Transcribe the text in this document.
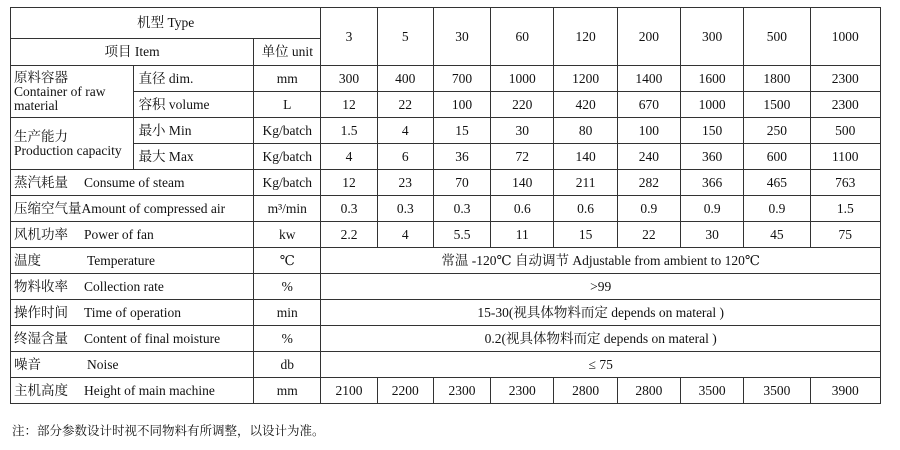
机型 Type			3	5	30	60	120	200	300	500	1000
项目 Item		单位 unit									

原料容器
Container of raw
material	直径 dim.	mm	300	400	700	1000	1200	1400	1600	1800	2300
	容积 volume	L	12	22	100	220	420	670	1000	1500	2300

生产能力
Production capacity	最小 Min	Kg/batch	1.5	4	15	30	80	100	150	250	500
	最大 Max	Kg/batch	4	6	36	72	140	240	360	600	1100
蒸汽耗量 Consume of steam		Kg/batch	12	23	70	140	211	282	366	465	763
压缩空气量Amount of compressed air		m³/min	0.3	0.3	0.3	0.6	0.6	0.9	0.9	0.9	1.5
风机功率 Power of fan		kw	2.2	4	5.5	11	15	22	30	45	75
温度 Temperature		℃	常温 -120℃ 自动调节 Adjustable from ambient to 120℃								
物料收率 Collection rate		%	>99								
操作时间 Time of operation		min	15-30(视具体物料而定 depends on materal )								
终湿含量 Content of final moisture		%	0.2(视具体物料而定 depends on materal )								
噪音 Noise		db	≤ 75								
主机高度 Height of main machine		mm	2100	2200	2300	2300	2800	2800	3500	3500	3900
注：部分参数设计时视不同物料有所调整，以设计为准。
